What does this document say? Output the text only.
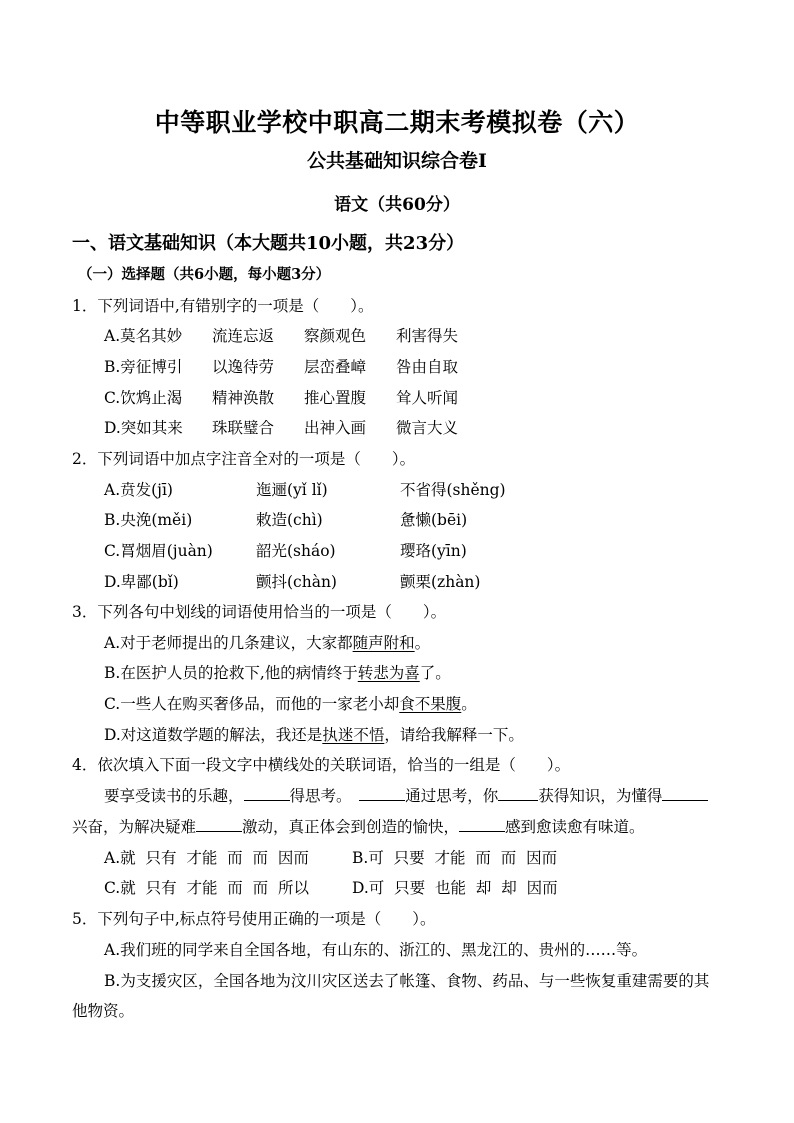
中等职业学校中职高二期末考模拟卷（六）
公共基础知识综合卷Ⅰ
语文（共60分）
一、语文基础知识（本大题共10小题，共23分）
（一）选择题（共6小题，每小题3分）
1．下列词语中,有错别字的一项是（　　）。
A.莫名其妙 流连忘返 察颜观色 利害得失
B.旁征博引 以逸待劳 层峦叠嶂 咎由自取
C.饮鸩止渴 精神涣散 推心置腹 耸人听闻
D.突如其来 珠联璧合 出神入画 微言大义
2．下列词语中加点字注音全对的一项是（　　）。
A.贲发(jī)	迤逦(yǐ lǐ)	不省得(shěng)
B.央浼(měi)	敕造(chì)	惫懒(bēi)
C.罥烟眉(juàn)	韶光(sháo)	璎珞(yīn)
D.卑鄙(bǐ)	颤抖(chàn)	颤栗(zhàn)
3．下列各句中划线的词语使用恰当的一项是（　　）。
A.对于老师提出的几条建议，大家都随声附和。
B.在医护人员的抢救下,他的病情终于转悲为喜了。
C.一些人在购买奢侈品，而他的一家老小却食不果腹。
D.对这道数学题的解法，我还是执迷不悟，请给我解释一下。
4．依次填入下面一段文字中横线处的关联词语，恰当的一组是（　　）。
要享受读书的乐趣，	得思考。　	通过思考，你	获得知识，为懂得
兴奋，为解决疑难	激动，真正体会到创造的愉快，	感到愈读愈有味道。
A.就  只有  才能  而  而  因而	B.可  只要  才能  而  而  因而
C.就  只有  才能  而  而  所以	D.可  只要  也能  却  却  因而
5．下列句子中,标点符号使用正确的一项是（　　）。
A.我们班的同学来自全国各地，有山东的、浙江的、黑龙江的、贵州的……等。
B.为支援灾区，全国各地为汶川灾区送去了帐篷、食物、药品、与一些恢复重建需要的其
他物资。
